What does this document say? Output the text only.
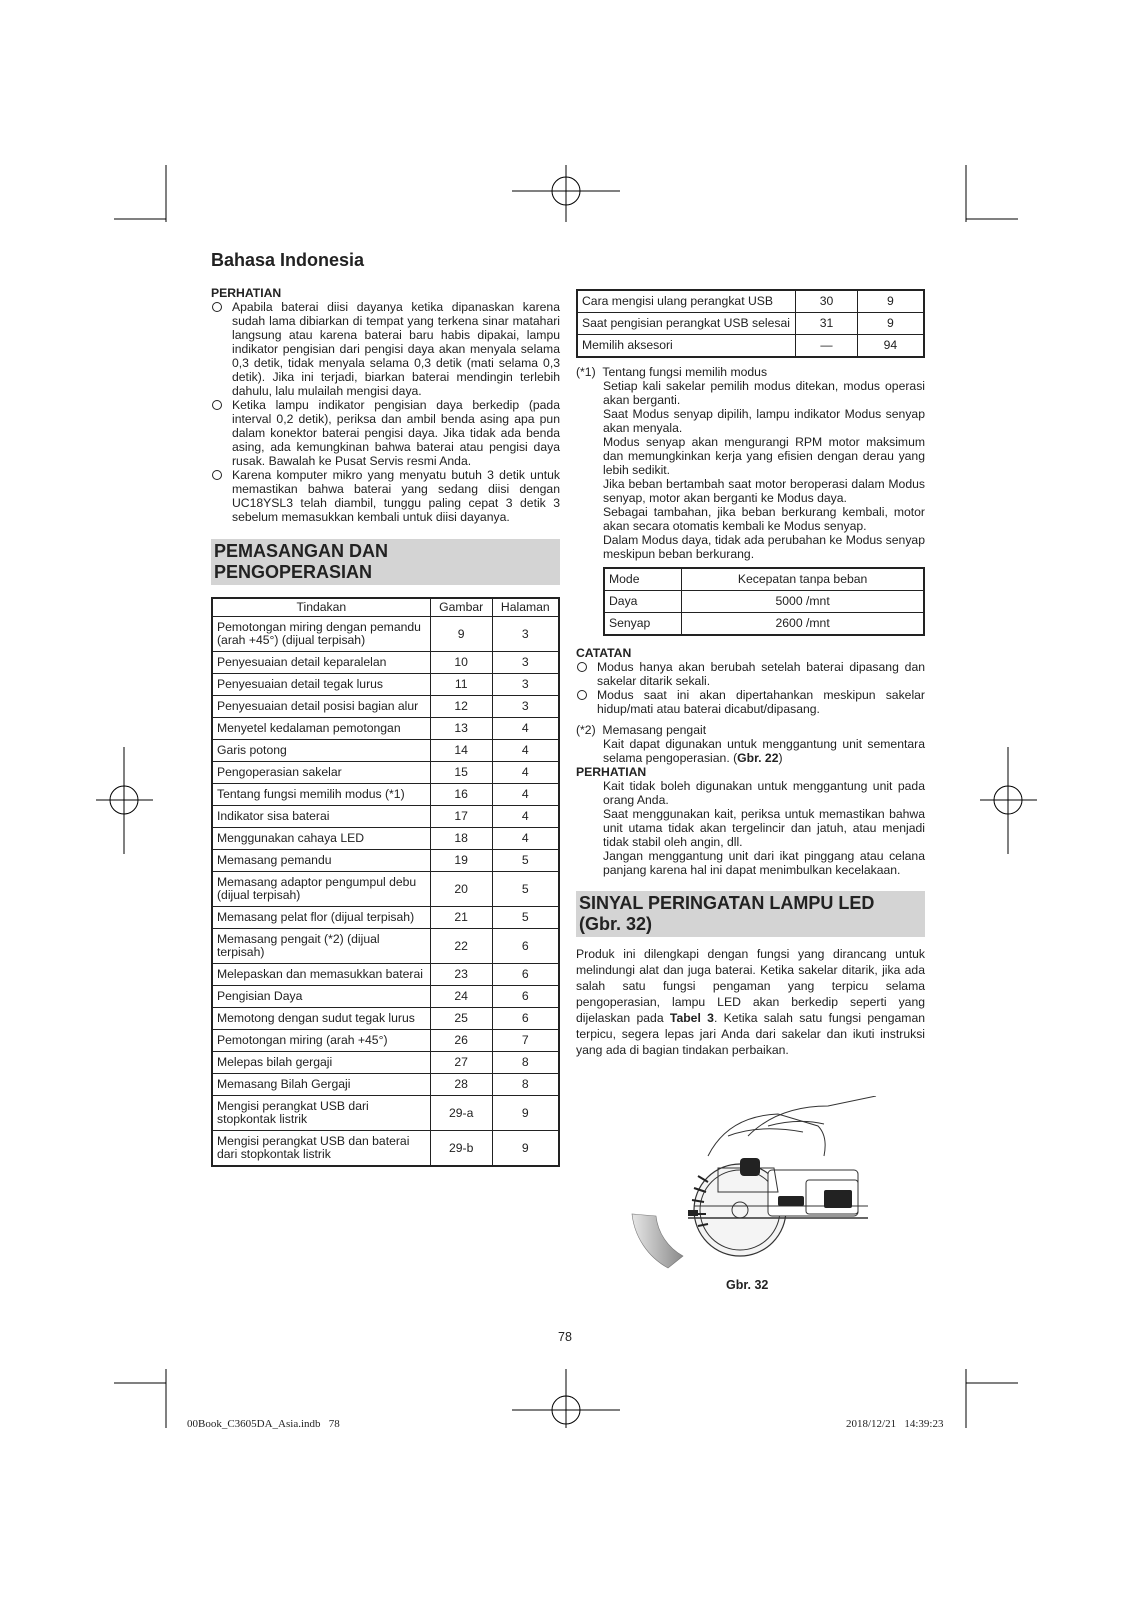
Bahasa Indonesia
PERHATIAN
Apabila baterai diisi dayanya ketika dipanaskan karena sudah lama dibiarkan di tempat yang terkena sinar matahari langsung atau karena baterai baru habis dipakai, lampu indikator pengisian dari pengisi daya akan menyala selama 0,3 detik, tidak menyala selama 0,3 detik (mati selama 0,3 detik). Jika ini terjadi, biarkan baterai mendingin terlebih dahulu, lalu mulailah mengisi daya.
Ketika lampu indikator pengisian daya berkedip (pada interval 0,2 detik), periksa dan ambil benda asing apa pun dalam konektor baterai pengisi daya. Jika tidak ada benda asing, ada kemungkinan bahwa baterai atau pengisi daya rusak. Bawalah ke Pusat Servis resmi Anda.
Karena komputer mikro yang menyatu butuh 3 detik untuk memastikan bahwa baterai yang sedang diisi dengan UC18YSL3 telah diambil, tunggu paling cepat 3 detik 3 sebelum memasukkan kembali untuk diisi dayanya.
PEMASANGAN DAN
PENGOPERASIAN
Tindakan	Gambar	Halaman
Pemotongan miring dengan pemandu (arah +45°) (dijual terpisah)	9	3
Penyesuaian detail keparalelan	10	3
Penyesuaian detail tegak lurus	11	3
Penyesuaian detail posisi bagian alur	12	3
Menyetel kedalaman pemotongan	13	4
Garis potong	14	4
Pengoperasian sakelar	15	4
Tentang fungsi memilih modus (*1)	16	4
Indikator sisa baterai	17	4
Menggunakan cahaya LED	18	4
Memasang pemandu	19	5
Memasang adaptor pengumpul debu (dijual terpisah)	20	5
Memasang pelat flor (dijual terpisah)	21	5
Memasang pengait (*2) (dijual terpisah)	22	6
Melepaskan dan memasukkan baterai	23	6
Pengisian Daya	24	6
Memotong dengan sudut tegak lurus	25	6
Pemotongan miring (arah +45°)	26	7
Melepas bilah gergaji	27	8
Memasang Bilah Gergaji	28	8
Mengisi perangkat USB dari stopkontak listrik	29-a	9
Mengisi perangkat USB dan baterai dari stopkontak listrik	29-b	9
Cara mengisi ulang perangkat USB	30	9
Saat pengisian perangkat USB selesai	31	9
Memilih aksesori	—	94
(*1) Tentang fungsi memilih modus

Setiap kali sakelar pemilih modus ditekan, modus operasi akan berganti.

Saat Modus senyap dipilih, lampu indikator Modus senyap akan menyala.

Modus senyap akan mengurangi RPM motor maksimum dan memungkinkan kerja yang efisien dengan derau yang lebih sedikit.

Jika beban bertambah saat motor beroperasi dalam Modus senyap, motor akan berganti ke Modus daya.

Sebagai tambahan, jika beban berkurang kembali, motor akan secara otomatis kembali ke Modus senyap.

Dalam Modus daya, tidak ada perubahan ke Modus senyap meskipun beban berkurang.

Mode	Kecepatan tanpa beban
Daya	5000 /mnt
Senyap	2600 /mnt
CATATAN
Modus hanya akan berubah setelah baterai dipasang dan sakelar ditarik sekali.
Modus saat ini akan dipertahankan meskipun sakelar hidup/mati atau baterai dicabut/dipasang.
(*2) Memasang pengait

Kait dapat digunakan untuk menggantung unit sementara selama pengoperasian. (Gbr. 22)

PERHATIAN

Kait tidak boleh digunakan untuk menggantung unit pada orang Anda.

Saat menggunakan kait, periksa untuk memastikan bahwa unit utama tidak akan tergelincir dan jatuh, atau menjadi tidak stabil oleh angin, dll.

Jangan menggantung unit dari ikat pinggang atau celana panjang karena hal ini dapat menimbulkan kecelakaan.

SINYAL PERINGATAN LAMPU LED
(Gbr. 32)

Produk ini dilengkapi dengan fungsi yang dirancang untuk melindungi alat dan juga baterai. Ketika sakelar ditarik, jika ada salah satu fungsi pengaman yang terpicu selama pengoperasian, lampu LED akan berkedip seperti yang dijelaskan pada Tabel 3. Ketika salah satu fungsi pengaman terpicu, segera lepas jari Anda dari sakelar dan ikuti instruksi yang ada di bagian tindakan perbaikan.

Gbr. 32
78
00Book_C3605DA_Asia.indb   78	2018/12/21   14:39:23
